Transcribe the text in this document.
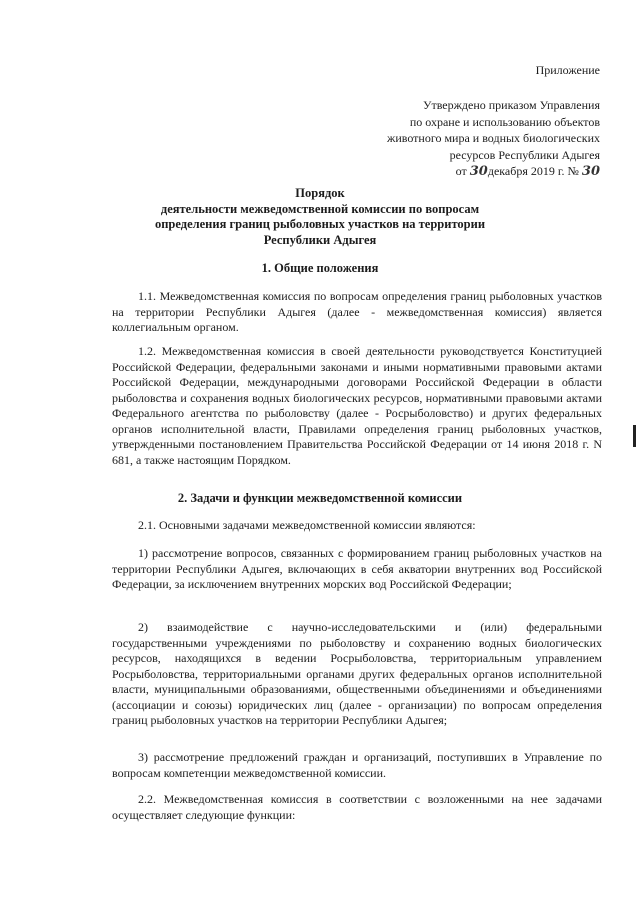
Приложение
Утверждено приказом Управления
по охране и использованию объектов
животного мира и водных биологических
ресурсов Республики Адыгея
от 30декабря 2019 г. № 30
Порядок
деятельности межведомственной комиссии по вопросам
определения границ рыболовных участков на территории
Республики Адыгея
1. Общие положения
1.1. Межведомственная комиссия по вопросам определения границ рыболовных участков на территории Республики Адыгея (далее - межведомственная комиссия) является коллегиальным органом.
1.2. Межведомственная комиссия в своей деятельности руководствуется Конституцией Российской Федерации, федеральными законами и иными нормативными правовыми актами Российской Федерации, международными договорами Российской Федерации в области рыболовства и сохранения водных биологических ресурсов, нормативными правовыми актами Федерального агентства по рыболовству (далее - Росрыболовство) и других федеральных органов исполнительной власти, Правилами определения границ рыболовных участков, утвержденными постановлением Правительства Российской Федерации от 14 июня 2018 г. N 681, а также настоящим Порядком.
2. Задачи и функции межведомственной комиссии
2.1. Основными задачами межведомственной комиссии являются:
1) рассмотрение вопросов, связанных с формированием границ рыболовных участков на территории Республики Адыгея, включающих в себя акватории внутренних вод Российской Федерации, за исключением внутренних морских вод Российской Федерации;
2) взаимодействие с научно-исследовательскими и (или) федеральными государственными учреждениями по рыболовству и сохранению водных биологических ресурсов, находящихся в ведении Росрыболовства, территориальным управлением Росрыболовства, территориальными органами других федеральных органов исполнительной власти, муниципальными образованиями, общественными объединениями и объединениями (ассоциации и союзы) юридических лиц (далее - организации) по вопросам определения границ рыболовных участков на территории Республики Адыгея;
3) рассмотрение предложений граждан и организаций, поступивших в Управление по вопросам компетенции межведомственной комиссии.
2.2. Межведомственная комиссия в соответствии с возложенными на нее задачами осуществляет следующие функции:
